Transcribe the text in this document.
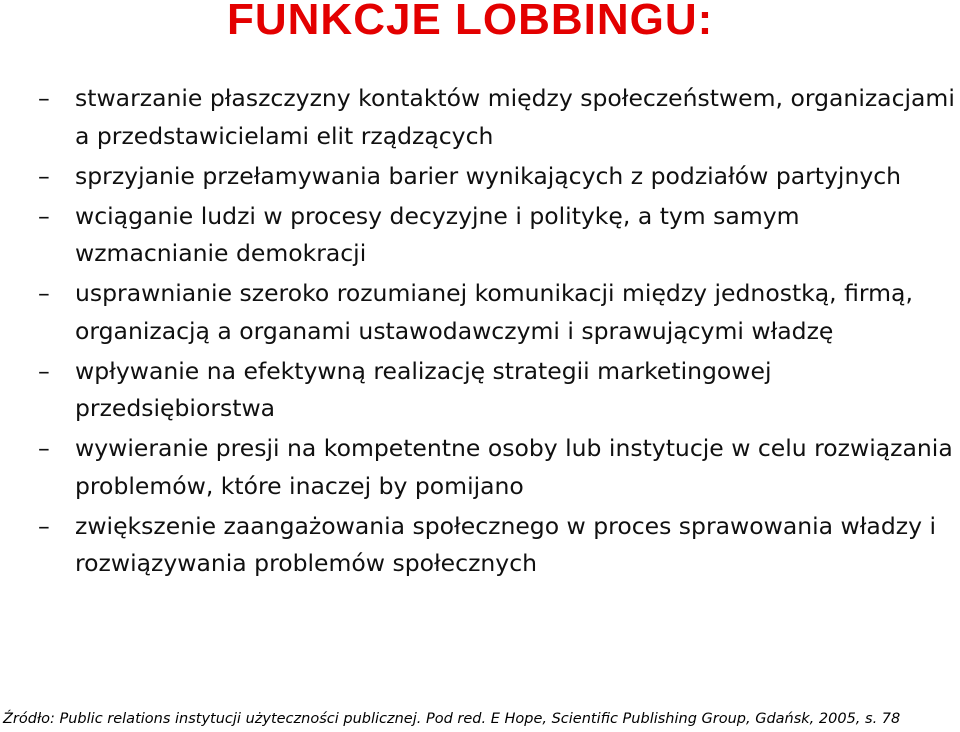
FUNKCJE LOBBINGU:
– stwarzanie płaszczyzny kontaktów między społeczeństwem, organizacjami a przedstawicielami elit rządzących
– sprzyjanie przełamywania barier wynikających z podziałów partyjnych
– wciąganie ludzi w procesy decyzyjne i politykę, a tym samym wzmacnianie demokracji
– usprawnianie szeroko rozumianej komunikacji między jednostką, firmą, organizacją a organami ustawodawczymi i sprawującymi władzę
– wpływanie na efektywną realizację strategii marketingowej przedsiębiorstwa
– wywieranie presji na kompetentne osoby lub instytucje w celu rozwiązania problemów, które inaczej by pomijano
– zwiększenie zaangażowania społecznego w proces sprawowania władzy i rozwiązywania problemów społecznych
Źródło: Public relations instytucji użyteczności publicznej. Pod red. E Hope, Scientific Publishing Group, Gdańsk, 2005, s. 78
